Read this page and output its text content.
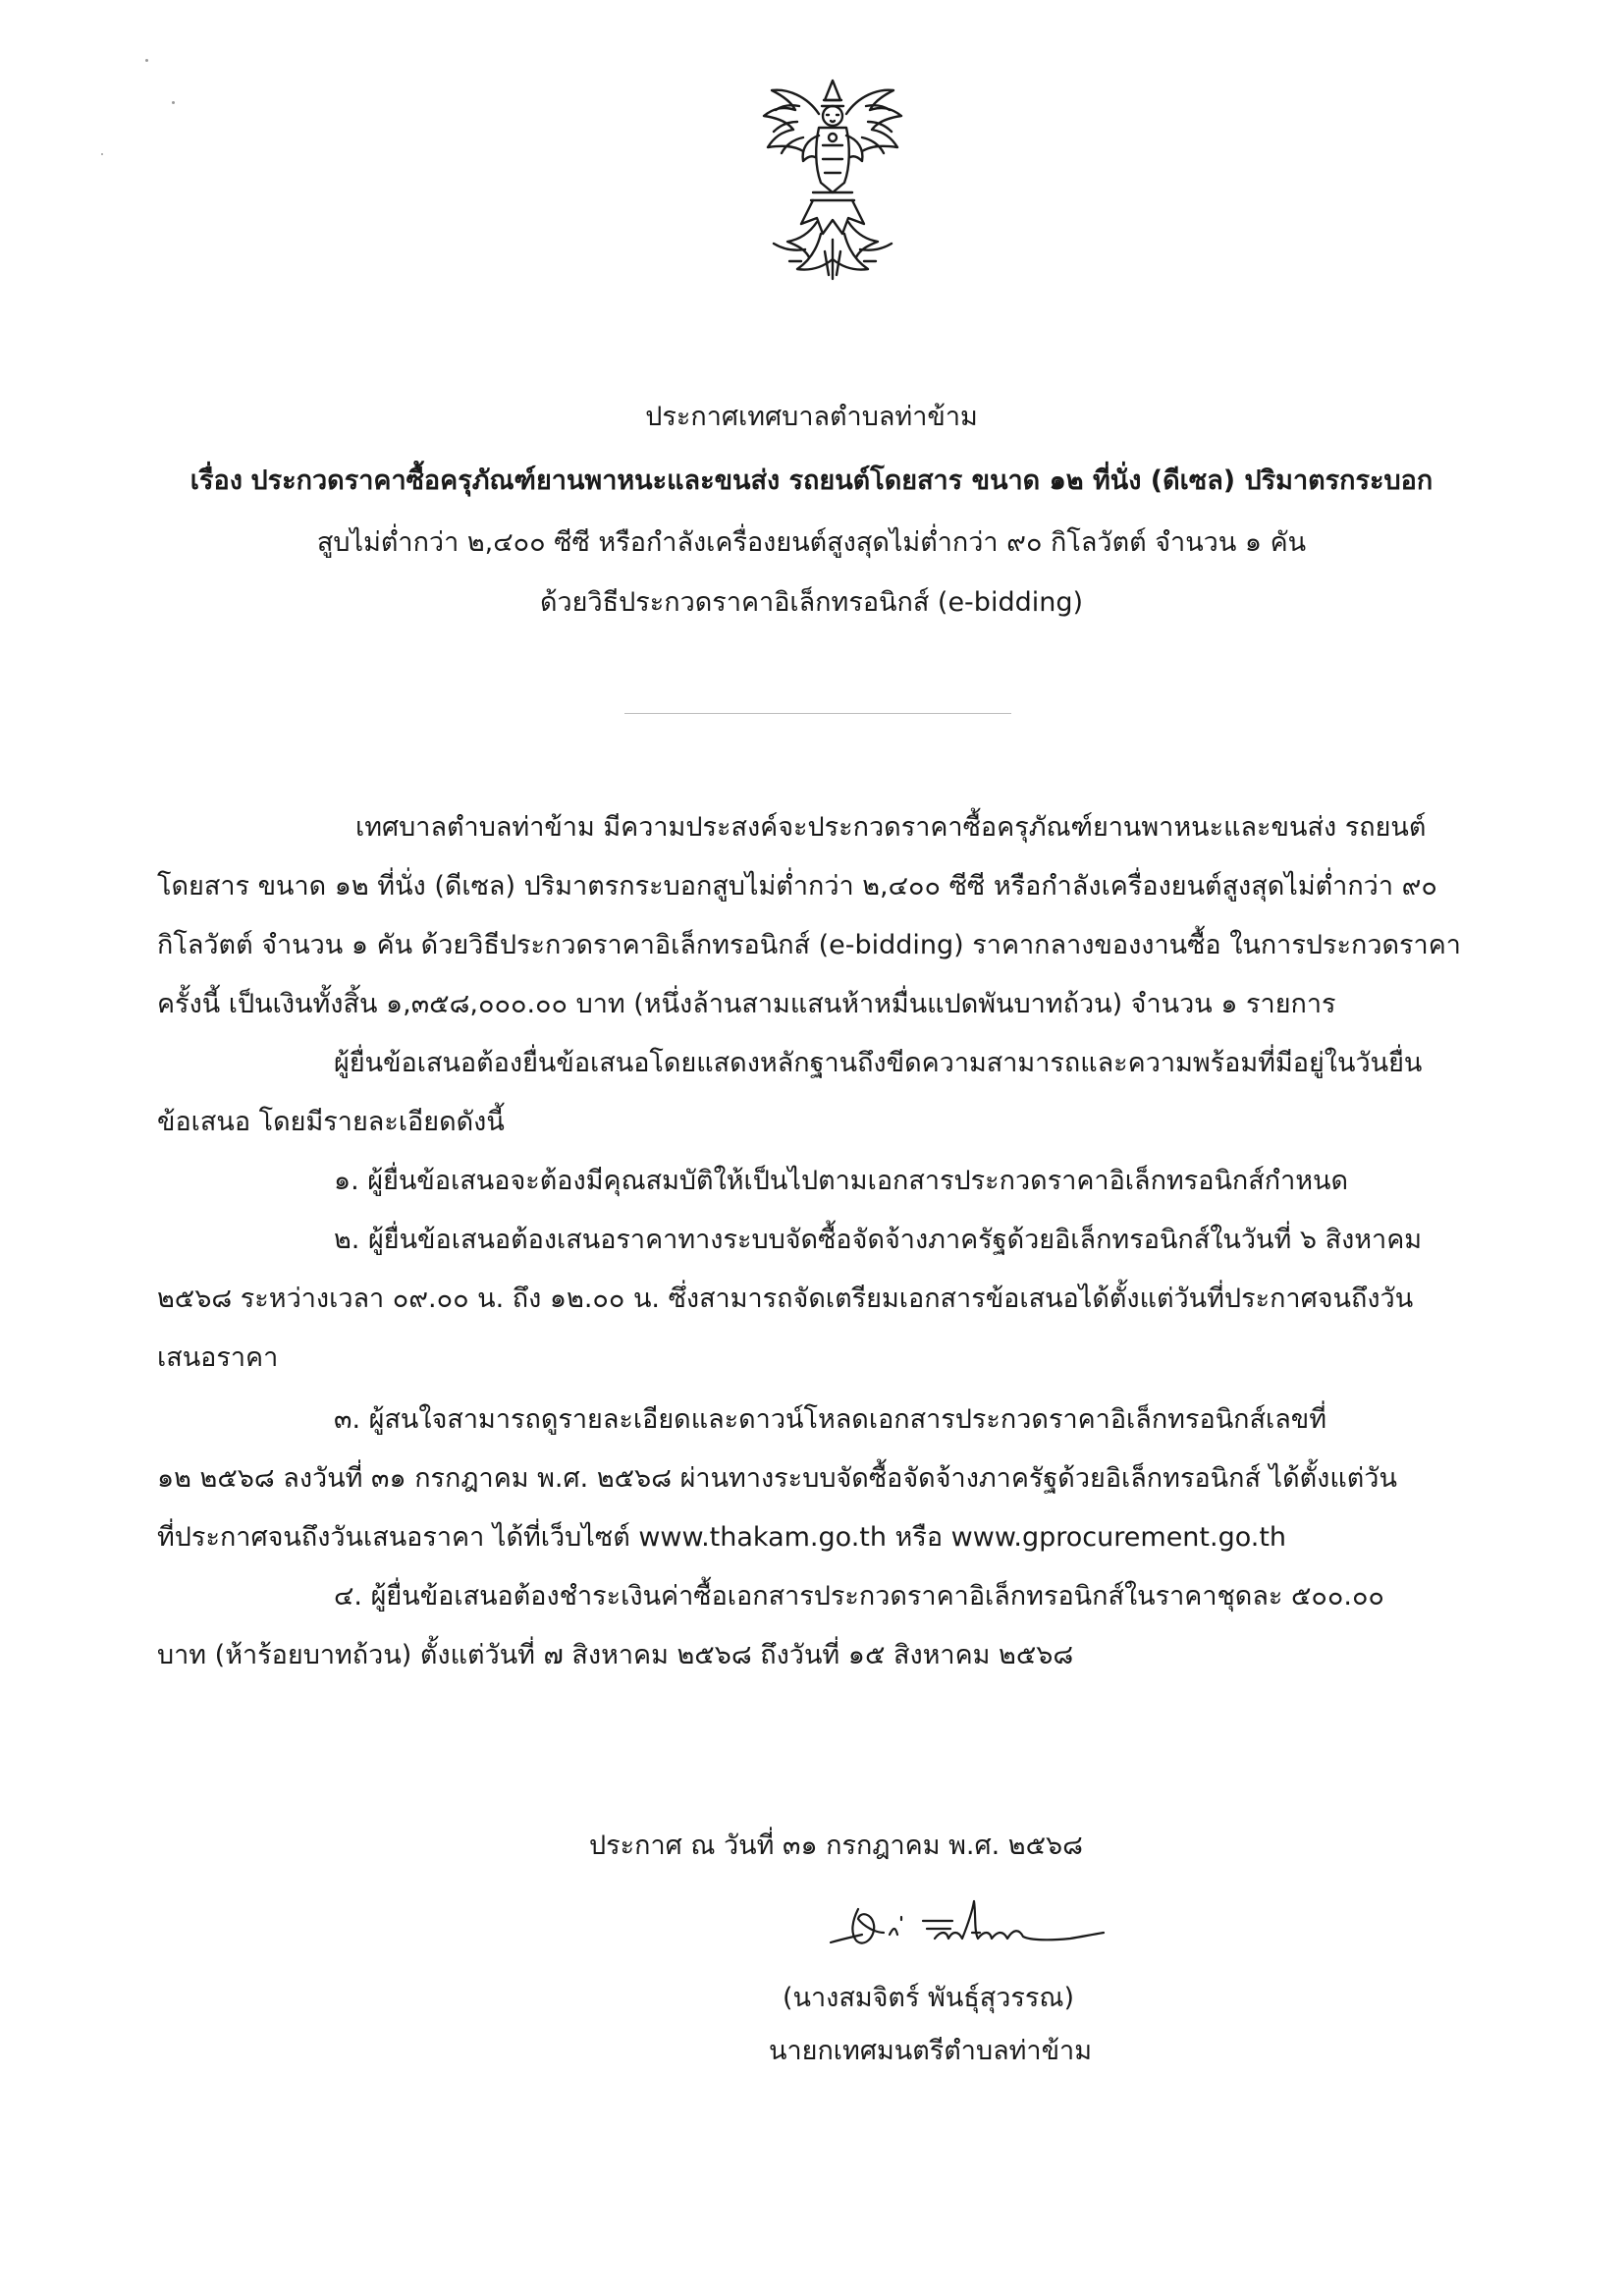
ประกาศเทศบาลตำบลท่าข้าม
เรื่อง ประกวดราคาซื้อครุภัณฑ์ยานพาหนะและขนส่ง รถยนต์โดยสาร ขนาด ๑๒ ที่นั่ง (ดีเซล) ปริมาตรกระบอก
สูบไม่ต่ำกว่า ๒,๔๐๐ ซีซี หรือกำลังเครื่องยนต์สูงสุดไม่ต่ำกว่า ๙๐ กิโลวัตต์ จำนวน ๑ คัน
ด้วยวิธีประกวดราคาอิเล็กทรอนิกส์ (e-bidding)
เทศบาลตำบลท่าข้าม มีความประสงค์จะประกวดราคาซื้อครุภัณฑ์ยานพาหนะและขนส่ง รถยนต์
โดยสาร ขนาด ๑๒ ที่นั่ง (ดีเซล) ปริมาตรกระบอกสูบไม่ต่ำกว่า ๒,๔๐๐ ซีซี หรือกำลังเครื่องยนต์สูงสุดไม่ต่ำกว่า ๙๐
กิโลวัตต์ จำนวน ๑ คัน ด้วยวิธีประกวดราคาอิเล็กทรอนิกส์ (e-bidding) ราคากลางของงานซื้อ ในการประกวดราคา
ครั้งนี้ เป็นเงินทั้งสิ้น ๑,๓๕๘,๐๐๐.๐๐ บาท (หนึ่งล้านสามแสนห้าหมื่นแปดพันบาทถ้วน) จำนวน ๑ รายการ
ผู้ยื่นข้อเสนอต้องยื่นข้อเสนอโดยแสดงหลักฐานถึงขีดความสามารถและความพร้อมที่มีอยู่ในวันยื่น
ข้อเสนอ โดยมีรายละเอียดดังนี้
๑. ผู้ยื่นข้อเสนอจะต้องมีคุณสมบัติให้เป็นไปตามเอกสารประกวดราคาอิเล็กทรอนิกส์กำหนด
๒. ผู้ยื่นข้อเสนอต้องเสนอราคาทางระบบจัดซื้อจัดจ้างภาครัฐด้วยอิเล็กทรอนิกส์ในวันที่ ๖ สิงหาคม
๒๕๖๘ ระหว่างเวลา ๐๙.๐๐ น. ถึง ๑๒.๐๐ น. ซึ่งสามารถจัดเตรียมเอกสารข้อเสนอได้ตั้งแต่วันที่ประกาศจนถึงวัน
เสนอราคา
๓. ผู้สนใจสามารถดูรายละเอียดและดาวน์โหลดเอกสารประกวดราคาอิเล็กทรอนิกส์เลขที่
๑๒ ๒๕๖๘ ลงวันที่ ๓๑ กรกฎาคม พ.ศ. ๒๕๖๘ ผ่านทางระบบจัดซื้อจัดจ้างภาครัฐด้วยอิเล็กทรอนิกส์ ได้ตั้งแต่วัน
ที่ประกาศจนถึงวันเสนอราคา ได้ที่เว็บไซต์ www.thakam.go.th หรือ www.gprocurement.go.th
๔. ผู้ยื่นข้อเสนอต้องชำระเงินค่าซื้อเอกสารประกวดราคาอิเล็กทรอนิกส์ในราคาชุดละ ๕๐๐.๐๐
บาท (ห้าร้อยบาทถ้วน) ตั้งแต่วันที่ ๗ สิงหาคม ๒๕๖๘ ถึงวันที่ ๑๕ สิงหาคม ๒๕๖๘
ประกาศ ณ วันที่ ๓๑ กรกฎาคม พ.ศ. ๒๕๖๘
(นางสมจิตร์ พันธุ์สุวรรณ)
นายกเทศมนตรีตำบลท่าข้าม
